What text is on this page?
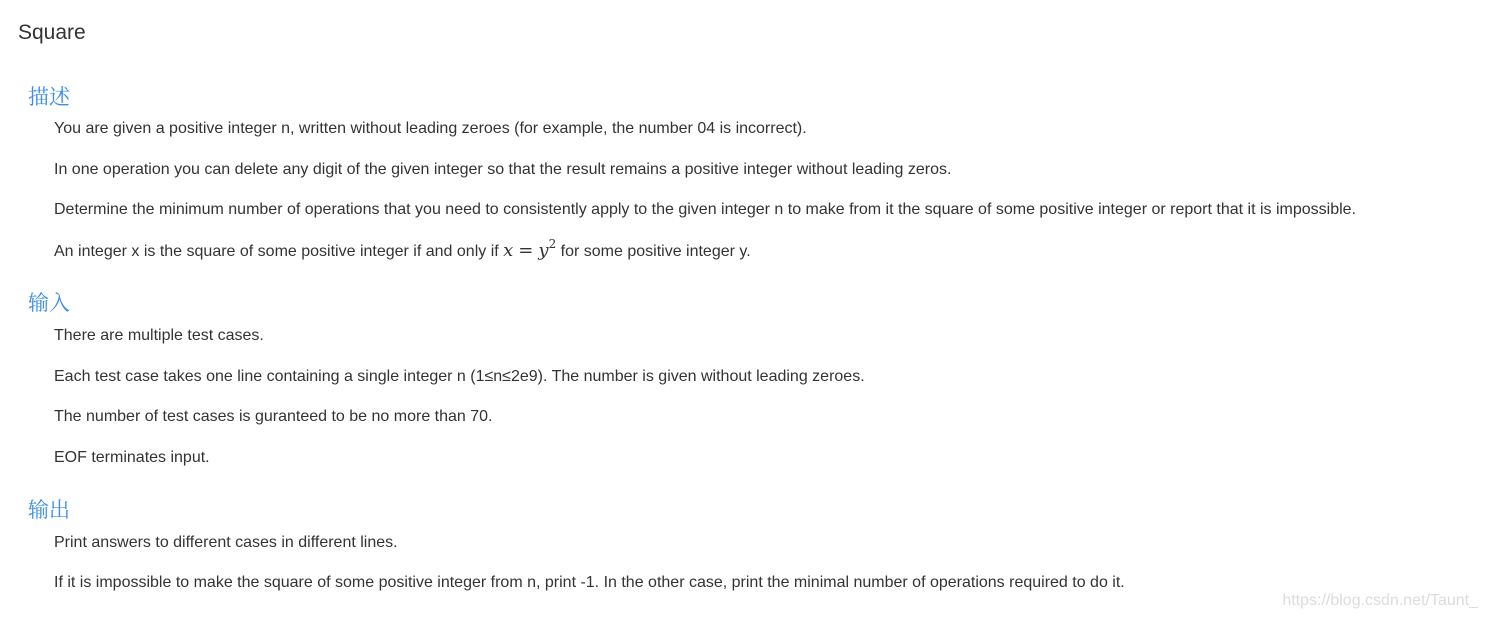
Square
描述

You are given a positive integer n, written without leading zeroes (for example, the number 04 is incorrect).

In one operation you can delete any digit of the given integer so that the result remains a positive integer without leading zeros.

Determine the minimum number of operations that you need to consistently apply to the given integer n to make from it the square of some positive integer or report that it is impossible.

An integer x is the square of some positive integer if and only if $x = y^2$ for some positive integer y.

输入

There are multiple test cases.

Each test case takes one line containing a single integer n (1≤n≤2e9). The number is given without leading zeroes.

The number of test cases is guranteed to be no more than 70.

EOF terminates input.

输出

Print answers to different cases in different lines.

If it is impossible to make the square of some positive integer from n, print -1. In the other case, print the minimal number of operations required to do it.

https://blog.csdn.net/Taunt_
